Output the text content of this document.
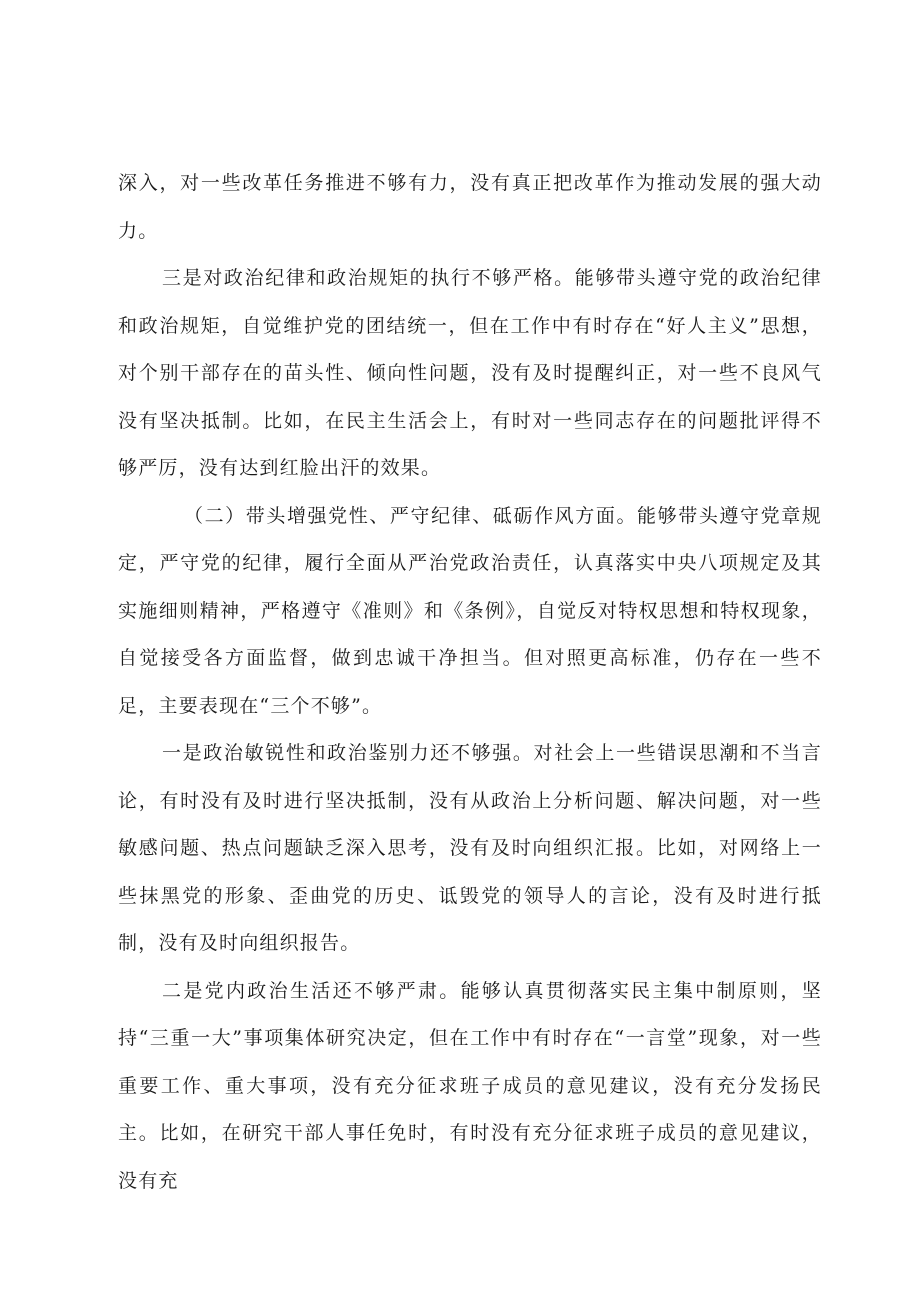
深入，对一些改革任务推进不够有力，没有真正把改革作为推动发展的强大动力。

三是对政治纪律和政治规矩的执行不够严格。能够带头遵守党的政治纪律和政治规矩，自觉维护党的团结统一，但在工作中有时存在“好人主义”思想，对个别干部存在的苗头性、倾向性问题，没有及时提醒纠正，对一些不良风气没有坚决抵制。比如，在民主生活会上，有时对一些同志存在的问题批评得不够严厉，没有达到红脸出汗的效果。

（二）带头增强党性、严守纪律、砥砺作风方面。能够带头遵守党章规定，严守党的纪律，履行全面从严治党政治责任，认真落实中央八项规定及其实施细则精神，严格遵守《准则》和《条例》，自觉反对特权思想和特权现象，自觉接受各方面监督，做到忠诚干净担当。但对照更高标准，仍存在一些不足，主要表现在“三个不够”。

一是政治敏锐性和政治鉴别力还不够强。对社会上一些错误思潮和不当言论，有时没有及时进行坚决抵制，没有从政治上分析问题、解决问题，对一些敏感问题、热点问题缺乏深入思考，没有及时向组织汇报。比如，对网络上一些抹黑党的形象、歪曲党的历史、诋毁党的领导人的言论，没有及时进行抵制，没有及时向组织报告。

二是党内政治生活还不够严肃。能够认真贯彻落实民主集中制原则，坚持“三重一大”事项集体研究决定，但在工作中有时存在“一言堂”现象，对一些重要工作、重大事项，没有充分征求班子成员的意见建议，没有充分发扬民主。比如，在研究干部人事任免时，有时没有充分征求班子成员的意见建议，没有充
